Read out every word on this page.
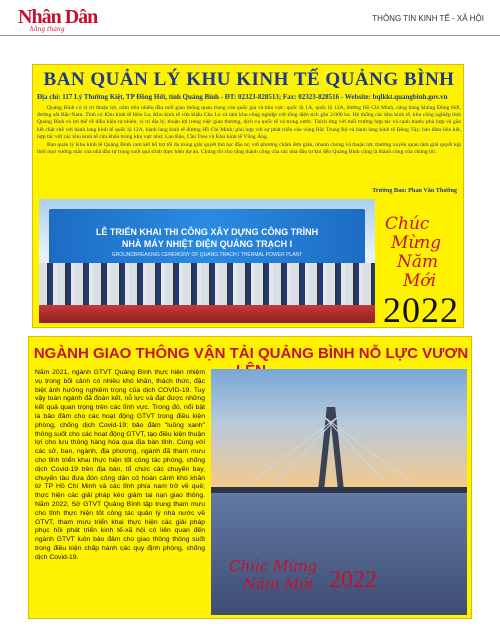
Nhân Dân
hằng tháng
THÔNG TIN KINH TẾ - XÃ HỘI
BAN QUẢN LÝ KHU KINH TẾ QUẢNG BÌNH
Địa chỉ: 117 Lý Thường Kiệt, TP Đồng Hới, tỉnh Quảng Bình - ĐT: 02323-828513; Fax: 02323-828516 - Website: bqlkkt.quangbinh.gov.vn

Quảng Bình có vị trí thuận lợi, nằm trên nhiều đầu mối giao thông quan trọng của quốc gia và khu vực: quốc lộ 1A, quốc lộ 12A, đường Hồ Chí Minh, cảng hàng không Đồng Hới, đường sắt Bắc-Nam. Tỉnh có Khu kinh tế Hòn La, Khu kinh tế cửa khẩu Cha Lo và tám khu công nghiệp với tổng diện tích gần 2.000 ha. Hệ thống các khu kinh tế, khu công nghiệp tỉnh Quảng Bình có lợi thế về điều kiện tự nhiên, vị trí địa lý, thuận lợi trong việc giao thương, dịch vụ quốc tế và trong nước. Thích ứng với mối trường hợp tác và cạnh tranh; phù hợp và gắn kết chặt chẽ với hành lang kinh tế quốc lộ 12A, hành lang kinh tế đường Hồ Chí Minh; phù hợp với sự phát triển của vùng Bắc Trung Bộ và hành lang kinh tế Đông Tây; bảo đảm liên kết, hợp tác với các khu kinh tế cửa khẩu trong khu vực như: Lao Bảo, Cầu Treo và Khu kinh tế Vũng Áng.

Ban quản lý Khu kinh tế Quảng Bình cam kết hỗ trợ tối đa trong giải quyết thủ tục đầu tư, với phương châm đơn giản, nhanh chóng và thuận lợi; thường xuyên quan tâm giải quyết kịp thời mọi vướng mắc của nhà đầu tư trong suốt quá trình thực hiện dự án. Chúng tôi cho rằng thành công của các nhà đầu tư khi đến Quảng Bình cũng là thành công của chúng tôi.

Trưởng Ban: Phan Văn Thường
LỄ TRIỂN KHAI THI CÔNG XÂY DỰNG CÔNG TRÌNH
NHÀ MÁY NHIỆT ĐIỆN QUẢNG TRẠCH I
GROUNDBREAKING CEREMONY OF QUANG TRACH I THERMAL POWER PLANT
Chúc
Mừng
Năm
Mới
2022
NGÀNH GIAO THÔNG VẬN TẢI QUẢNG BÌNH NỖ LỰC VƯƠN
Năm 2021, ngành GTVT Quảng Bình thực hiện nhiệm vụ trong bối cảnh có nhiều khó khăn, thách thức, đặc biệt ảnh hưởng nghiêm trọng của dịch COVID-19. Tuy vậy toàn ngành đã đoàn kết, nỗ lực và đạt được những kết quả quan trọng trên các lĩnh vực. Trong đó, nổi bật là bảo đảm cho các hoạt động GTVT trong điều kiện phòng, chống dịch Covid-19; bảo đảm "luồng xanh" thông suốt cho các hoạt động GTVT, tạo điều kiện thuận lợi cho lưu thông hàng hóa qua địa bàn tỉnh. Cùng với các sở, ban, ngành, địa phương, ngành đã tham mưu cho tỉnh triển khai thực hiện tốt công tác phòng, chống dịch Covid-19 trên địa bàn, tổ chức các chuyến bay, chuyến tàu đưa đón công dân có hoàn cảnh khó khăn từ TP Hồ Chí Minh và các tỉnh phía nam trở về quê; thực hiện các giải pháp kéo giảm tai nạn giao thông. Năm 2022, Sở GTVT Quảng Bình tập trung tham mưu cho tỉnh thực hiện tốt công tác quản lý nhà nước về GTVT, tham mưu triển khai thực hiện các giải pháp phục hồi phát triển kinh tế-xã hội có liên quan đến ngành GTVT luôn bảo đảm cho giao thông thông suốt trong điều kiện chấp hành các quy định phòng, chống dịch Covid-19.	Chúc Mừng
Năm Mới 2022
